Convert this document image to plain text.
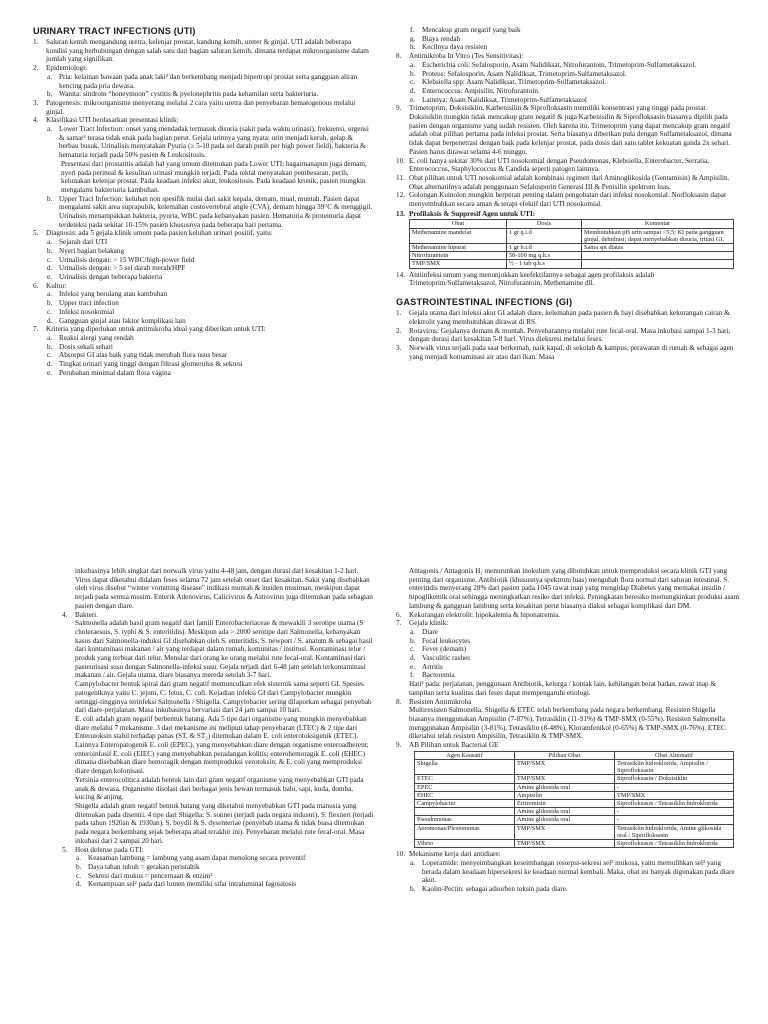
URINARY TRACT INFECTIONS (UTI)
1.	Saluran kemih mengandung uretra, kelenjar prostat, kandung kemih, ureter & ginjal. UTI adalah beberapa kondisi yang berhubungan dengan salah satu dari bagian saluran kemih, dimana terdapat mikroorganisme dalam jumlah yang signifikan.
2.	Epidemiologi:
a. Pria: kelainan bawaan pada anak laki² dan berkembang menjadi hipertropi prostat serta gangguan aliran kencing pada pria dewasa.
b. Wanita: sindrom “honeymoon” cystitis & pyelonephritis pada kehamilan serta bakteriuria.
3.	Patogenesis: mikroorganisme menyerang melalui 2 cara yaitu uretra dan penyebaran hematogenous melalui ginjal.
4.	Klasifikasi UTI berdasarkan presentasi klinik:
a. Lower Tract Infection: onset yang mendadak termasuk disuria (sakit pada waktu urinasi), frekuensi, urgensi & samar² terasa tidak enak pada bagian perut. Gejala urinnya yang nyata: urin menjadi keruh, gelap & berbau busuk. Urinalisis menyatakan Pyuria (≥ 5-10 pada sel darah putih per high power field), bakteria & hematuria terjadi pada 50% pasien & Leukositosis.
Presentasi dari prostatitis adalah hal yang umum ditemukan pada Lower UTI; bagaimanapun juga demam, nyeri pada perineal & kesulitan urinasi mungkin terjadi. Pada rektal menyatakan pembesaran, perih, kelunakan kelenjar prostat. Pada keadaan infeksi akut, leukositosis. Pada keadaan kronik, pasien mungkin mengalami bakteriuria kambuhan.
b. Upper Tract Infection: keluhan non spesifik mulai dari sakit kepala, demam, mual, muntah. Pasien dapat mengalami sakit area suprapubik, kelemahan costovertebral angle (CVA), demam hingga 39°C & menggigil. Urinalisis menampakkan bakteria, pyuria, WBC pada kebanyakan pasien. Hematuria & proteinuria dapat terdeteksi pada sekitar 10-15% pasien khususnya pada beberapa hari pertama.
5.	Diagnosis: ada 5 gejala klinik umum pada pasien keluhan urinari positif, yaitu:
a. Sejarah dari UTI
b. Nyeri bagian belakang
c. Urinalisis dengan: > 15 WBC/high-power field
d. Urinalisis dengan: > 5 sel darah merah/HPF
e. Urinalisis dengan beberapa bakteria
6.	Kultur:
a. Infeksi yang berulang atau kambuhan
b. Upper tract infection
c. Infeksi nosokomial
d. Gangguan ginjal atau faktor komplikasi lain
7.	Kriteria yang diperlukan untuk antimikroba ideal yang diberikan untuk UTI:
a. Reaksi alergi yang rendah
b. Dosis sekali sehari
c. Absorpsi GI atas baik yang tidak merubah flora usus besar
d. Tingkat urinari yang tinggi dengan filtrasi glomerulus & sekresi
e. Perubahan minimal dalam flora vagina
f.	Mencakup gram negatif yang baik
g. Biaya rendah
h. Kecilnya daya resisten
8.	Antimikroba In Vitro (Tes Sensitivitas):
a. Escherichia coli: Sefalosporin, Asam Nalidiksat, Nitrofurantoin, Trimetoprim-Sulfametaksazol.
b. Proteus: Sefalosporin, Asam Nalidiksat, Trimetoprim-Sulfametaksazol.
c. Klebsiella spp: Asam Nalidiksat, Trimetoprim-Sulfametaksazol.
d. Enterococcus: Ampisilin, Nitrofurantoin.
e. Lainnya: Asam Nalidiksat, Trimetoprim-Sulfametaksazol
9.	Trimetoprim, Doksisiklin, Karbenisilin & Siprofloksasin memiliki konsentrasi yang tinggi pada prostat. Doksisiklin mungkin tidak mencakup gram negatif & juga Karbenisilin & Siprofloksasin biasanya dipilih pada pasien dengan organisme yang sudah resisten. Oleh karena itu, Trimetoprim yang dapat mencakup gram negatif adalah obat pilihan pertama pada infeksi prostat. Serta biasanya diberikan pula dengan Sulfametaksazol, dimana tidak dapat berpenetrasi dengan baik pada kelenjar prostat, pada dosis dari satu tablet kekuatan ganda 2x sehari. Pasien harus dirawat selama 4-6 minggu.
10. E. coli hanya sekitar 30% dari UTI nosokomial dengan Pseudomonas, Klebsiella, Enterobacter, Serratia, Enterococcus, Staphylococcus & Candida seperti patogen lainnya.
11. Obat pilihan untuk UTI nosokomial adalah kombinasi regimen dari Aminoglikosida (Gentamisin) & Ampisilin. Obat alternatifnya adalah penggunaan Sefalosporin Generasi III & Penisilin spektrum luas.
12. Golongan Kuinolon mungkin berperan penting dalam pengobatan dari infeksi nosokomial. Norfloksasin dapat menyembuhkan secara aman & terapi efektif dari UTI nosokomial.
13. Profilaksis & Suppresif Agen untuk UTI:
Obat	Dosis	Komentar
Methenamine mandelat	1 gr q.i.d	Membutuhkan pH urin sampai <5,5; KI pada gangguan ginjal, dehidrasi; dapat menyebabkan disuria, iritasi GI.
Methenamine hipurat	1 gr b.i.d	Sama spt diatas
Nitrofurantoin	50-100 mg q.h.s	
TMP/SMX	½ - 1 tab q.h.s	
14. Antiinfeksi umum yang menunjukkan keefektifannya sebagai agen profilaksis adalah Trimetoprim/Sulfametaksazol, Nitrofurantoin, Methenamine dll.
GASTROINTESTINAL INFECTIONS (GI)
1.	Gejala utama dari infeksi akut GI adalah diare, kelemahan pada pasien & bayi disebabkan kekurangan cairan & elektrolit yang membutuhkan dirawat di RS.
2.	Rotavirus: Gejalanya demam & muntah. Penyebarannya melalui rute fecal-oral. Masa inkubasi sampai 1-3 hari, dengan durasi dari kesakitan 5-8 hari. Virus dieksresi melalui feses.
3.	Norwalk virus terjadi pada saat berkemah, naik kapal, di sekolah & kampus, perawatan di rumah & sebagai agen yang menjadi kontaminasi air atau dari ikan. Masa
inkubasinya lebih singkat dari norwalk virus yaitu 4-48 jam, dengan durasi dari kesakitan 1-2 hari. Virus dapat diketahui didalam feses selama 72 jam setelah onset dari kesakitan. Sakit yang disebabkan oleh virus disebut “winter vomitting disease” indikasi muntah & insiden musiman, meskipun dapat terjadi pada semua musim. Enterik Adenovirus, Calicivirus & Astrovirus juga ditemukan pada sebagian pasien dengan diare.
4.	Bakteri.
Salmonella adalah basil gram negatif dari famili Enterobacteriaceae & mewakili 3 serotipe utama (S choleraesuis, S. typhi & S. enteritidis). Meskipun ada > 2000 serotipe dari Salmonella, kebanyakan kasus dari Salmonella-induksi GI disebabkan oleh S. enteritidis, S. newport / S. anatum & sebagai hasil dari kontaminasi makanan / air yang terdapat dalam rumah, komunitas / institusi. Kontaminasi telur / produk yang terbuat dari telur. Menular dari orang ke orang melalui rute fecal-oral. Kontaminasi dari pasteurisasi susu dengan Salmonella-infeksi susu. Gejala terjadi dari 6-48 jam setelah terkontaminasi makanan / air. Gejala utama, diare biasanya mereda setelah 3-7 hari.
Campylobacter bentuk spiral dari gram negatif memunculkan efek sistemik sama seperti GI. Spesies patogeniknya yaitu C. jejuni, C. fetus, C. coli. Kejadian infeksi GI dari Campylobacter mungkin setinggi-tingginya terinfeksi Salmonella / Shigella. Campylobacter sering dilaporkan sebagai penyebab dari diare-perjalanan. Masa inkubasinya bervariasi dari 24 jam sampai 10 hari.
E. coli adalah gram negatif berbentuk batang. Ada 5 tipe dari organisme yang mungkin menyebabkan diare melalui 7 mekanisme. 3 dari mekanisme ini meliputi tahap penyebaran (LTEC) & 2 tipe dari Enterotoksin stabil terhadap panas (ST, & ST₂) ditemukan dalam E. coli enterotoksigenik (ETEC). Lainnya Enteropatogenik E. coli (EPEC), yang menyebabkan diare dengan organisme enteroadherent; enteroinfasif E. coli (EIEC) yang menyebabkan peradangan kolitis; enterohemoragik E. coli (EHEC) dimana disebabkan diare hemoragik dengan memproduksi verotoksin; & E. coli yang memproduksi diare dengan kolonisasi.
Yersinia enterocolitica adalah bentuk lain dari gram negatif organisme yang menyebabkan GTI pada anak & dewasa. Organisme disolasi dari berbagai jenis hewan termasuk babi, sapi, kuda, domba, kucing & anjing.
Shigella adalah gram negatif bentuk batang yang diketahui menyebabkan GTI pada manusia yang ditemukan pada disentri. 4 tipe dari Shigella: S. sonnei (terjadi pada negara industri), S. flexneri (terjadi pada tahun 1920an & 1930an), S. boydii & S. dysenteriae (penyebab utama & tidak biasa ditemukan pada negara berkembang sejak beberapa abad terakhir ini). Penyebaran melalui rute fecal-oral. Masa inkubasi dari 2 sampai 20 hari.
5.	Host defense pada GTI:
a. Keasaman lambung = lambung yang asam dapat menolong secara preventif
b. Daya tahan tubuh = gerakan peristaltik
c. Sekresi dari mukus = pencernaan & enzim²
d. Kemampuan sel² pada dari lumen memiliki sifat intraluminal fagositosis
Antagonis / Antagonis H₂ menurunkan inokulum yang dibutuhkan untuk memproduksi secara klinik GTI yang penting dari organisme. Antibiotik (khususnya spektrum luas) mengubah flora normal dari saluran intestinal. S. enteritidis menyerang 28% dari pasien pada 1045 rawat inap yang mengidap Diabetes yang memakai insulin / hipoglikemik oral sehingga meningkatkan resiko dari infeksi. Peningkatan beresiko memungkinkan produksi asam lambung & gangguan lambung serta kesakitan perut biasanya diakui sebagai komplikasi dari DM.
6.	Kekurangan elektrolit: hipokalemia & hiponatremia.
7.	Gejala klinik:
a. Diare
b. Fecal leukocytes
c. Fever (demam)
d. Vasculitic rashes
e. Artritis
f.	Bacteremia
Hati² pada: perjalanan, penggunaan Antibiotik, kelurga / kontak lain, kehilangan berat badan, rawat inap & tampilan serta kualitas dari feses dapat mempengaruhi etiologi.
8.	Resisten Antimikroba
Multiresisten Salmonella, Shigella & ETEC telah berkembang pada negara berkembang. Resisten Shigella biasanya menggunakan Ampisilin (7-87%), Tetrasiklin (11-91%) & TMP-SMX (0-55%). Resisten Salmonella menggunakan Ampisilin (3-81%), Tetrasiklin (8-48%), Kloramfenikol (0-65%) & TMP-SMX (0-76%). ETEC diketahui telah resisten Ampisilin, Tetrasiklin & TMP-SMX.
9.	AB Pilihan untuk Bacterial GE
Agen Kausatif	Pilihan Obat	Obat Alternatif
Shigella	TMP/SMX	Tetrasiklin hidroklorida, Ampisilin / Siprofloksasin
ETEC	TMP/SMX	Siprofloksasin / Doksisiklin
EPEC	Amine glikosida oral	-
EHEC	Ampisilin	TMP/SMX
Campylobacter	Eritromisin	Siprofloksasin / Tetrasiklin hidroklorida
	Amine glikosida oral	-
Pseudomonas	Amine glikosida oral	-
Aeromonas/Plesiomonas	TMP/SMX	Tetrasiklin hidroklorida, Amine glikosida oral / Siprofloksasin
Vibrio	TMP/SMX	Siprofloksasin / Tetrasiklin hidroklorida
10. Mekanisme kerja dari antidiare:
a. Loperamide: menyeimbangkan keseimbangan resorpsi-sekresi sel² mukosa, yaitu memulihkan sel² yang berada dalam keadaan hipersekresi ke keadaan normal kembali. Maka, obat ini banyak digunakan pada diare akut.
b. Kaolin-Pectin: sebagai adsorben toksin pada diare.
